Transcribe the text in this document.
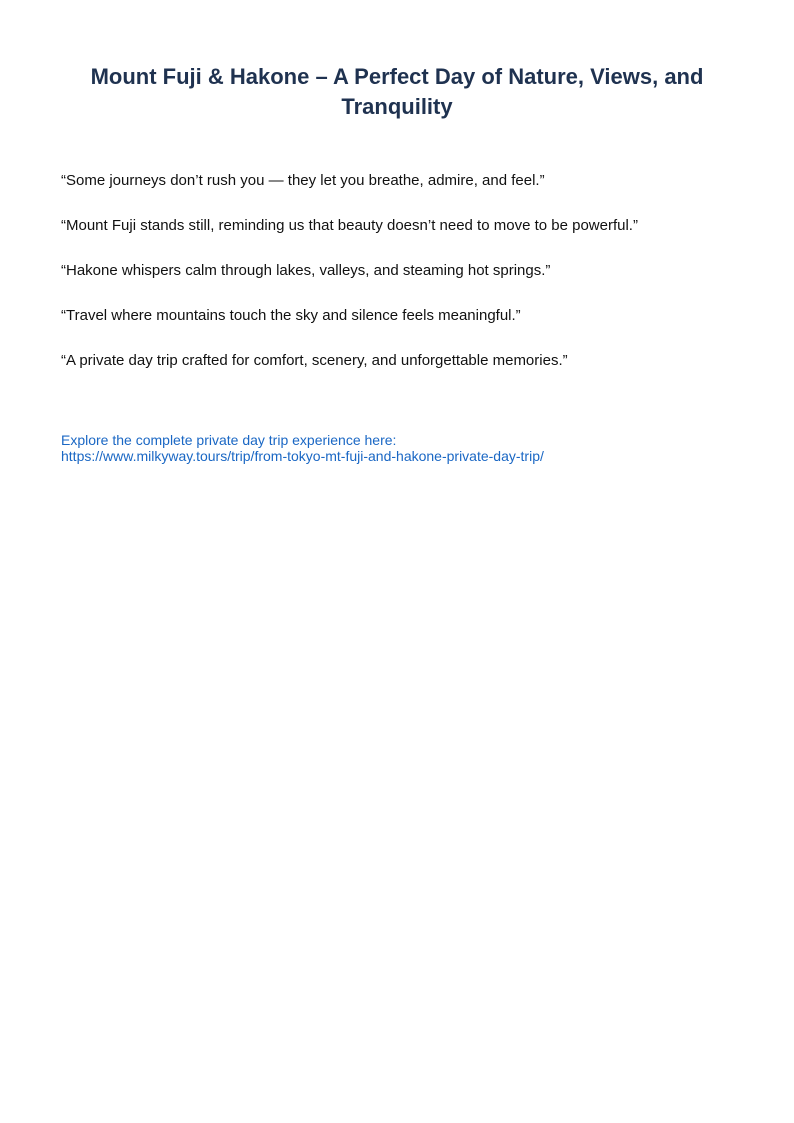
Mount Fuji & Hakone – A Perfect Day of Nature, Views, and Tranquility
“Some journeys don’t rush you — they let you breathe, admire, and feel.”
“Mount Fuji stands still, reminding us that beauty doesn’t need to move to be powerful.”
“Hakone whispers calm through lakes, valleys, and steaming hot springs.”
“Travel where mountains touch the sky and silence feels meaningful.”
“A private day trip crafted for comfort, scenery, and unforgettable memories.”
Explore the complete private day trip experience here:
https://www.milkyway.tours/trip/from-tokyo-mt-fuji-and-hakone-private-day-trip/
